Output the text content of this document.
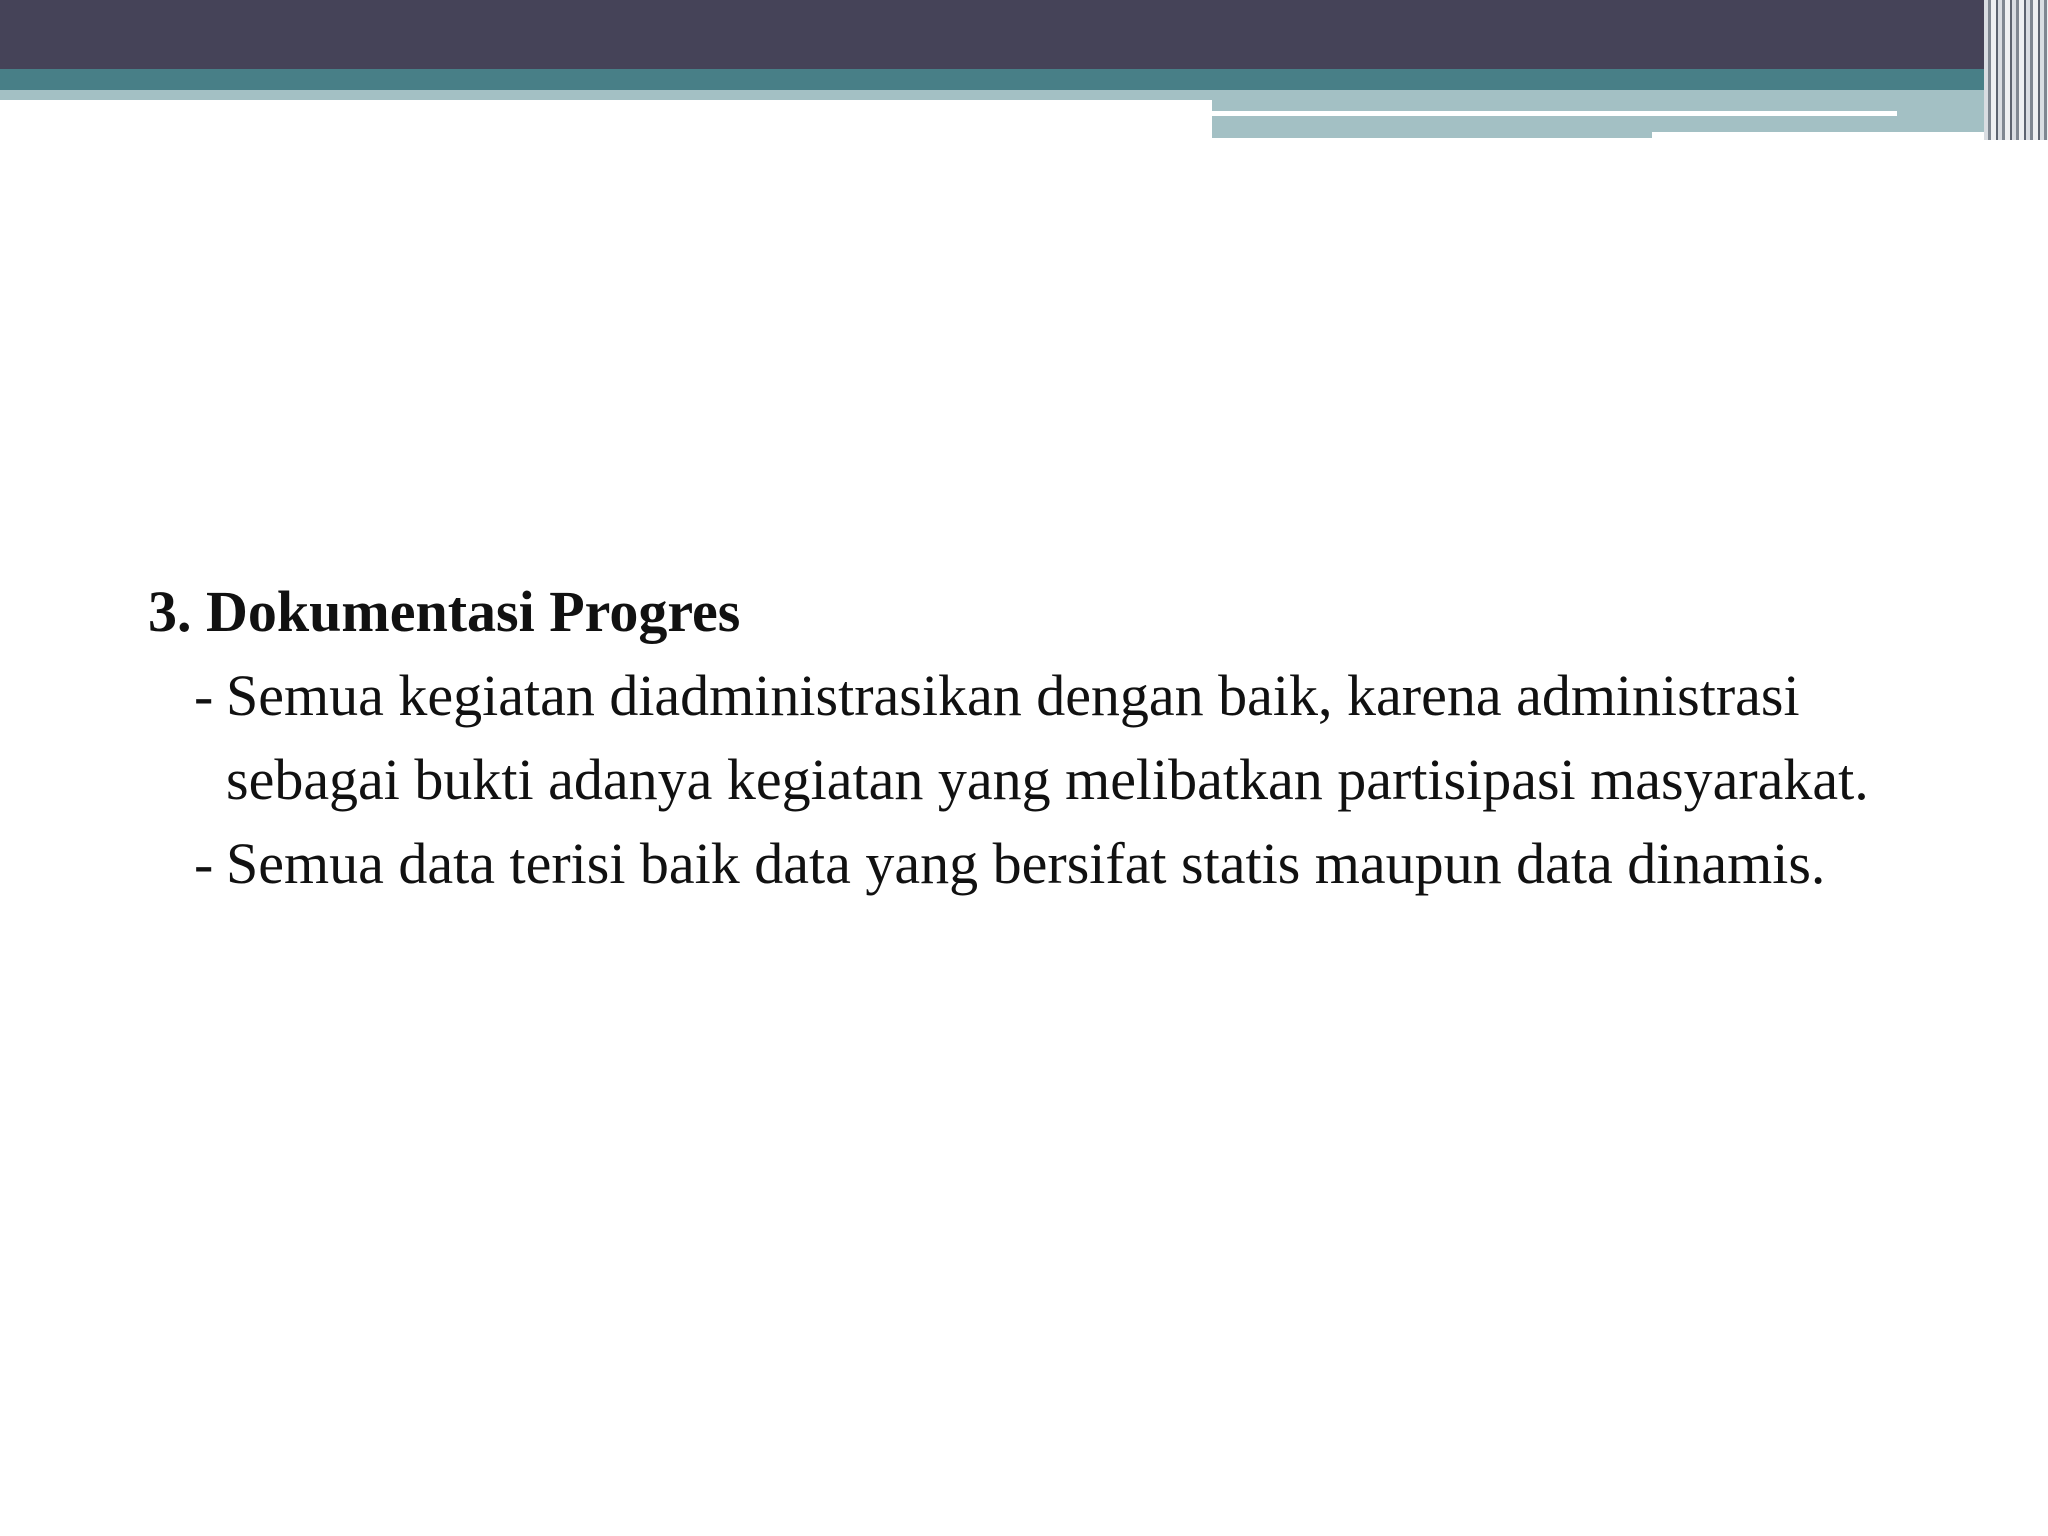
3. Dokumentasi Progres

- Semua kegiatan diadministrasikan dengan baik, karena administrasi sebagai bukti adanya kegiatan yang melibatkan partisipasi masyarakat.

- Semua data terisi baik data yang bersifat statis maupun data dinamis.
